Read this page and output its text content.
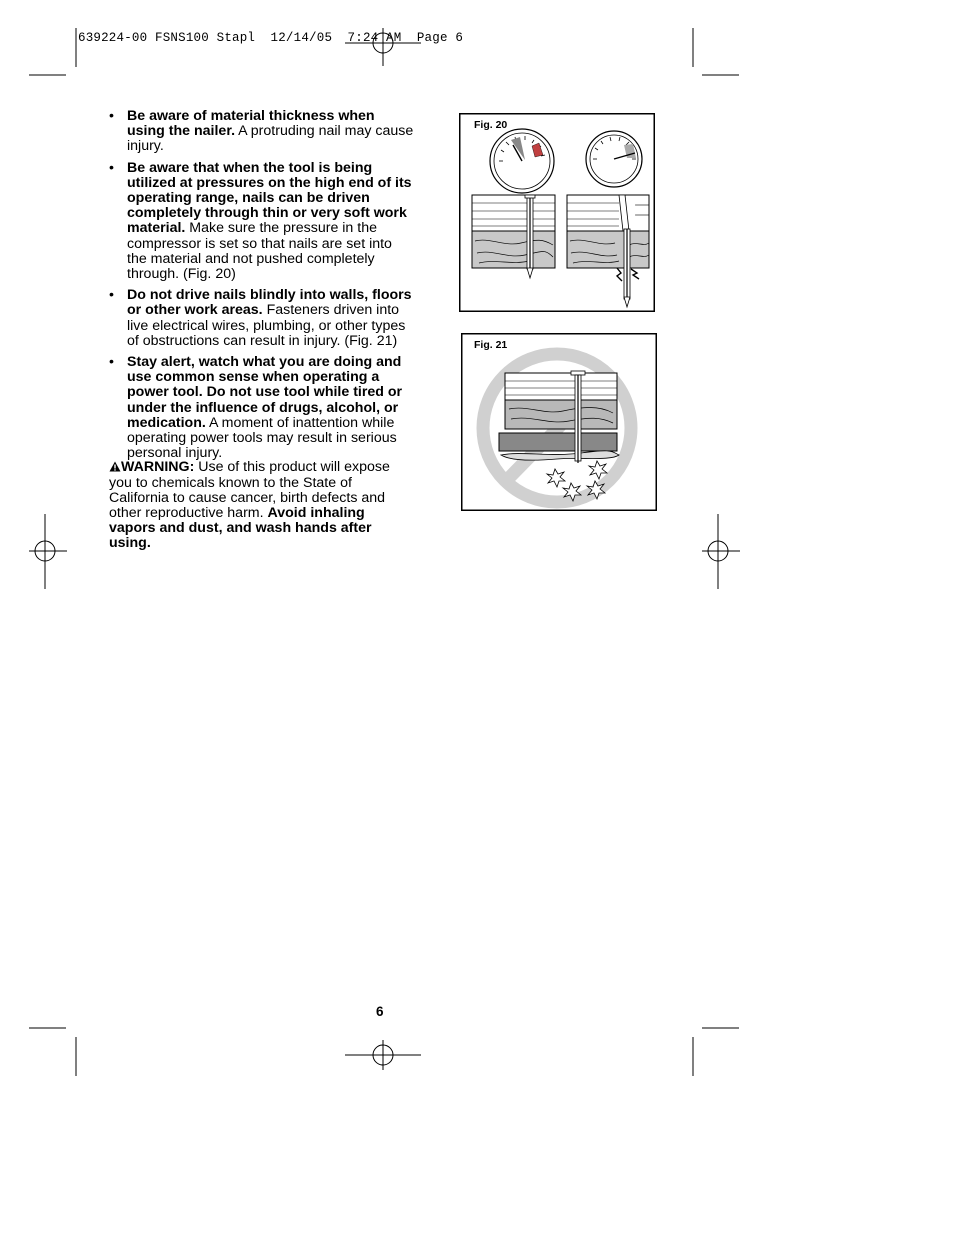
639224-00 FSNS100 Stapl  12/14/05  7:24 AM  Page 6
• Be aware of material thickness when using the nailer. A protruding nail may cause injury.
• Be aware that when the tool is being utilized at pressures on the high end of its operating range, nails can be driven completely through thin or very soft work material. Make sure the pressure in the compressor is set so that nails are set into the material and not pushed completely through. (Fig. 20)
• Do not drive nails blindly into walls, floors or other work areas. Fasteners driven into live electrical wires, plumbing, or other types of obstructions can result in injury. (Fig. 21)
• Stay alert, watch what you are doing and use common sense when operating a power tool. Do not use tool while tired or under the influence of drugs, alcohol, or medication. A moment of inattention while operating power tools may result in serious personal injury.
WARNING: Use of this product will expose you to chemicals known to the State of California to cause cancer, birth defects and other reproductive harm. Avoid inhaling vapors and dust, and wash hands after using.
Fig. 20
Fig. 21
6
